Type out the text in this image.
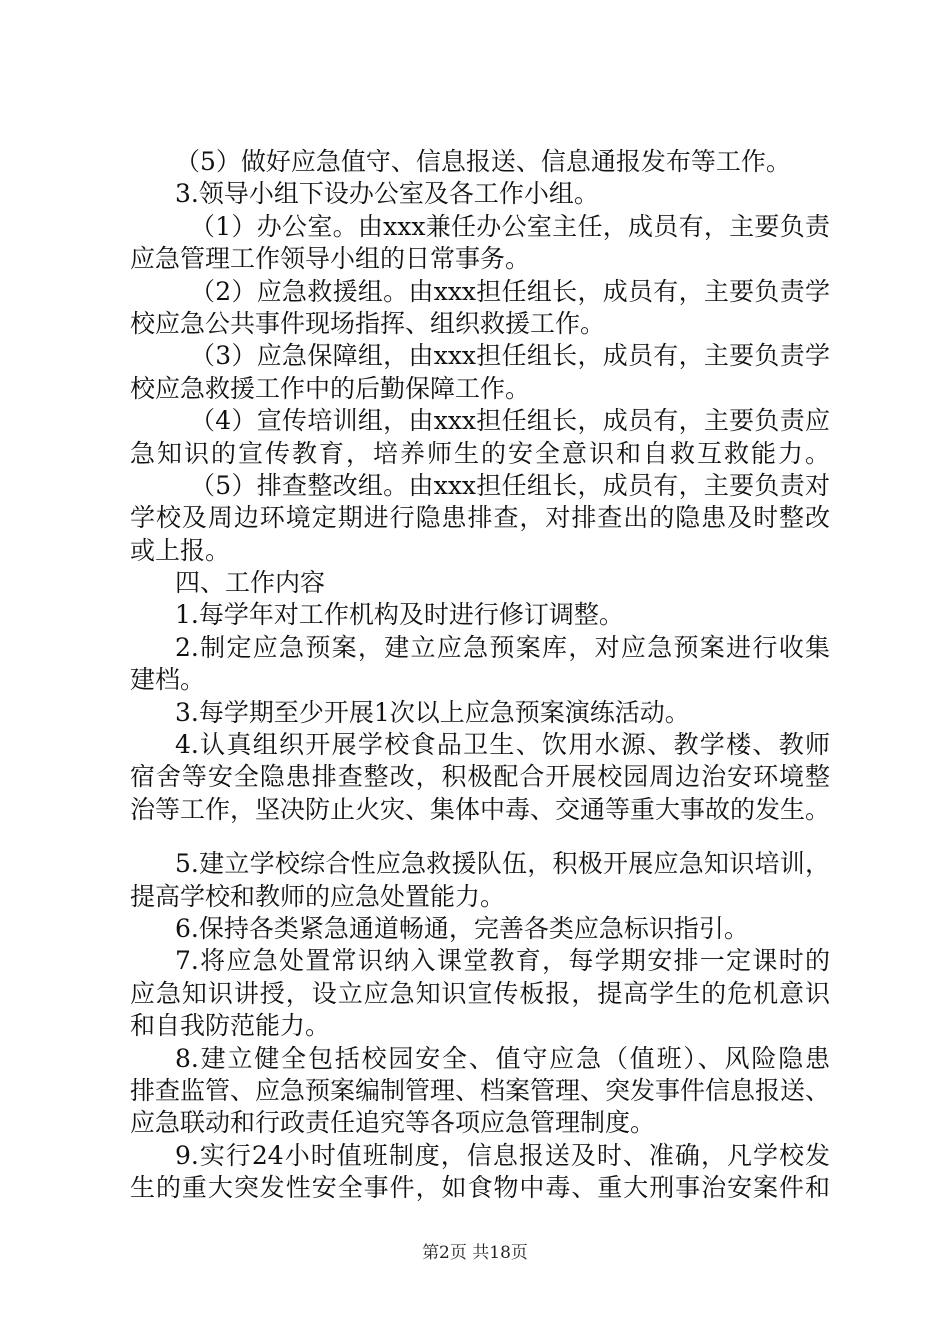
（5）做好应急值守、信息报送、信息通报发布等工作。
3.领导小组下设办公室及各工作小组。
（1）办公室。由xxx兼任办公室主任，成员有，主要负责
应急管理工作领导小组的日常事务。
（2）应急救援组。由xxx担任组长，成员有，主要负责学
校应急公共事件现场指挥、组织救援工作。
（3）应急保障组，由xxx担任组长，成员有，主要负责学
校应急救援工作中的后勤保障工作。
（4）宣传培训组，由xxx担任组长，成员有，主要负责应
急知识的宣传教育，培养师生的安全意识和自救互救能力。
（5）排查整改组。由xxx担任组长，成员有，主要负责对
学校及周边环境定期进行隐患排查，对排查出的隐患及时整改
或上报。
四、工作内容
1.每学年对工作机构及时进行修订调整。
2.制定应急预案，建立应急预案库，对应急预案进行收集
建档。
3.每学期至少开展1次以上应急预案演练活动。
4.认真组织开展学校食品卫生、饮用水源、教学楼、教师
宿舍等安全隐患排查整改，积极配合开展校园周边治安环境整
治等工作，坚决防止火灾、集体中毒、交通等重大事故的发生。
5.建立学校综合性应急救援队伍，积极开展应急知识培训，
提高学校和教师的应急处置能力。
6.保持各类紧急通道畅通，完善各类应急标识指引。
7.将应急处置常识纳入课堂教育，每学期安排一定课时的
应急知识讲授，设立应急知识宣传板报，提高学生的危机意识
和自我防范能力。
8.建立健全包括校园安全、值守应急（值班）、风险隐患
排查监管、应急预案编制管理、档案管理、突发事件信息报送、
应急联动和行政责任追究等各项应急管理制度。
9.实行24小时值班制度，信息报送及时、准确，凡学校发
生的重大突发性安全事件，如食物中毒、重大刑事治安案件和
第2页 共18页
